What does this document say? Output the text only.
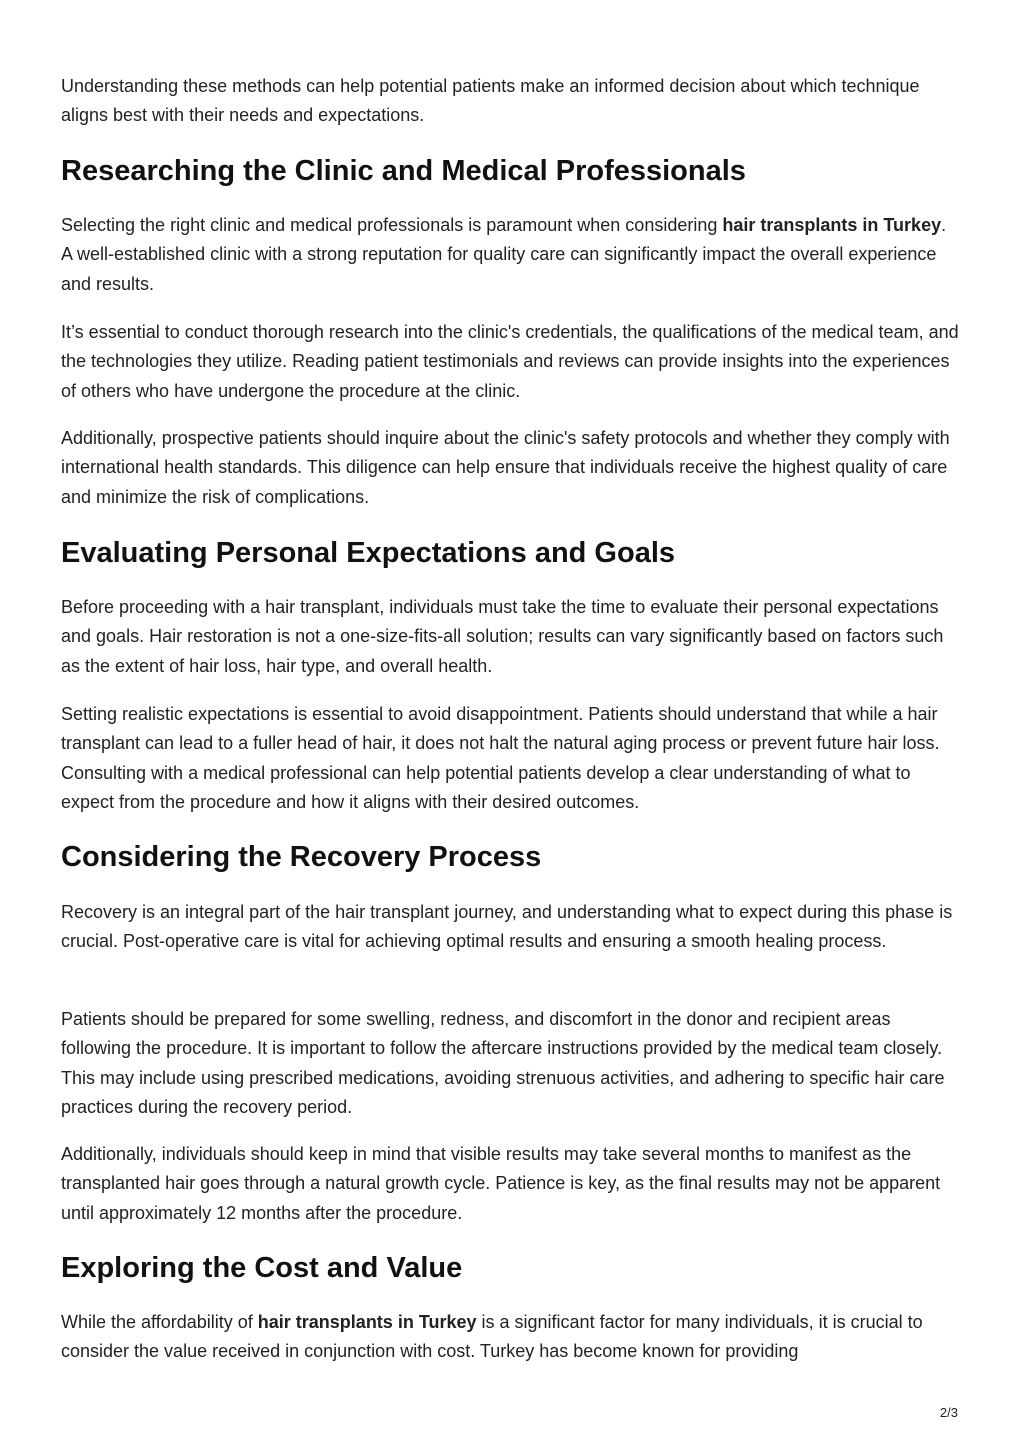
Understanding these methods can help potential patients make an informed decision about which technique aligns best with their needs and expectations.

Researching the Clinic and Medical Professionals

Selecting the right clinic and medical professionals is paramount when considering hair transplants in Turkey. A well-established clinic with a strong reputation for quality care can significantly impact the overall experience and results.

It’s essential to conduct thorough research into the clinic's credentials, the qualifications of the medical team, and the technologies they utilize. Reading patient testimonials and reviews can provide insights into the experiences of others who have undergone the procedure at the clinic.

Additionally, prospective patients should inquire about the clinic's safety protocols and whether they comply with international health standards. This diligence can help ensure that individuals receive the highest quality of care and minimize the risk of complications.

Evaluating Personal Expectations and Goals

Before proceeding with a hair transplant, individuals must take the time to evaluate their personal expectations and goals. Hair restoration is not a one-size-fits-all solution; results can vary significantly based on factors such as the extent of hair loss, hair type, and overall health.

Setting realistic expectations is essential to avoid disappointment. Patients should understand that while a hair transplant can lead to a fuller head of hair, it does not halt the natural aging process or prevent future hair loss. Consulting with a medical professional can help potential patients develop a clear understanding of what to expect from the procedure and how it aligns with their desired outcomes.

Considering the Recovery Process

Recovery is an integral part of the hair transplant journey, and understanding what to expect during this phase is crucial. Post-operative care is vital for achieving optimal results and ensuring a smooth healing process.

Patients should be prepared for some swelling, redness, and discomfort in the donor and recipient areas following the procedure. It is important to follow the aftercare instructions provided by the medical team closely. This may include using prescribed medications, avoiding strenuous activities, and adhering to specific hair care practices during the recovery period.

Additionally, individuals should keep in mind that visible results may take several months to manifest as the transplanted hair goes through a natural growth cycle. Patience is key, as the final results may not be apparent until approximately 12 months after the procedure.

Exploring the Cost and Value

While the affordability of hair transplants in Turkey is a significant factor for many individuals, it is crucial to consider the value received in conjunction with cost. Turkey has become known for providing

2/3
